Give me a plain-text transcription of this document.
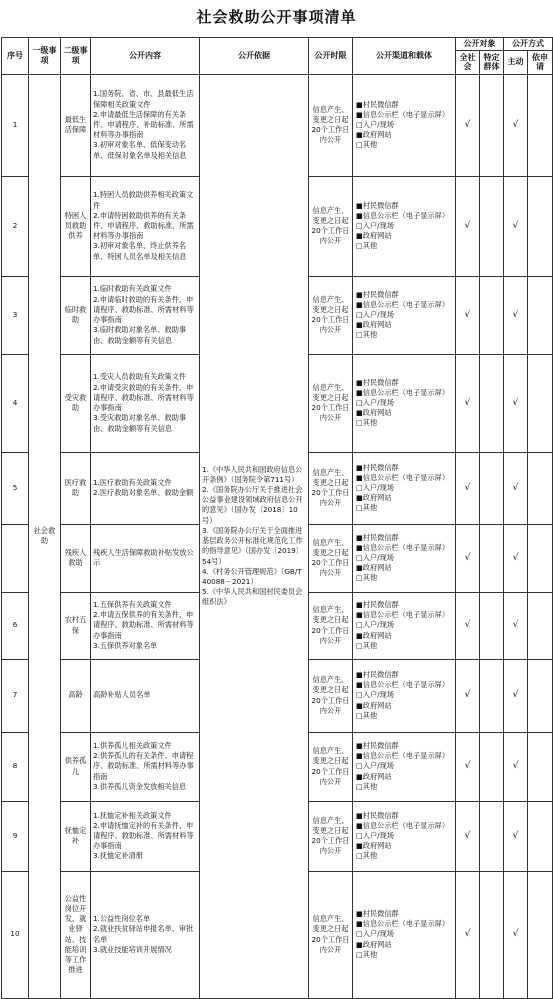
社会救助公开事项清单
序号	一级事项	二级事项	公开内容	公开依据	公开时限	公开渠道和载体	公开对象		公开方式	
							全社会	特定群体	主动	依申请
1	社会救助	最低生活保障	1.国务院、省、市、县最低生活保障相关政策文件
2.申请最低生活保障的有关条件、申请程序、补助标准、所需材料等办事指南
3.初审对象名单、低保变动名单、低保对象名单及相关信息	1.《中华人民共和国政府信息公开条例》（国务院令第711号）
2.《国务院办公厅关于推进社会公益事业建设领域政府信息公开的意见》（国办发〔2018〕10号）
3.《国务院办公厅关于全面推进基层政务公开标准化规范化工作的指导意见》（国办发〔2019〕54号）
4.《村务公开管理规范》（GB/T 40088－2021）
5.《中华人民共和国村民委员会组织法》	信息产生、变更之日起20个工作日内公开	■村民微信群
■信息公示栏（电子显示屏）
□入户/现场
■政府网站
□其他	√		√	
2		特困人员救助供养	1.特困人员救助供养相关政策文件
2.申请特困救助供养的有关条件、申请程序、救助标准、所需材料等办事指南
3.初审对象名单、终止供养名单、特困人员名单及相关信息		信息产生、变更之日起20个工作日内公开	■村民微信群
■信息公示栏（电子显示屏）
□入户/现场
■政府网站
□其他	√		√	
3		临时救助	1.临时救助有关政策文件
2.申请临时救助的有关条件、申请程序、救助标准、所需材料等办事指南
3.临时救助对象名单、救助事由、救助金额等有关信息		信息产生、变更之日起20个工作日内公开	■村民微信群
■信息公示栏（电子显示屏）
□入户/现场
■政府网站
□其他	√		√	
4		受灾救助	1.受灾人员救助有关政策文件
2.申请受灾救助的有关条件、申请程序、救助标准、所需材料等办事指南
3.受灾救助对象名单、救助事由、救助金额等有关信息		信息产生、变更之日起20个工作日内公开	■村民微信群
■信息公示栏（电子显示屏）
□入户/现场
■政府网站
□其他	√		√	
5		医疗救助	1.医疗救助有关政策文件
2.医疗救助对象名单、救助金额		信息产生、变更之日起20个工作日内公开	■村民微信群
■信息公示栏（电子显示屏）
□入户/现场
■政府网站
□其他	√		√	
		残疾人救助	残疾人生活保障救助补贴发放公示		信息产生、变更之日起20个工作日内公开	■村民微信群
■信息公示栏（电子显示屏）
□入户/现场
■政府网站
□其他	√		√	
6		农村五保	1.五保供养有关政策文件
2.申请五保供养的有关条件、申请程序、救助标准、所需材料等办事指南
3.五保供养对象名单		信息产生、变更之日起20个工作日内公开	■村民微信群
■信息公示栏（电子显示屏）
□入户/现场
■政府网站
□其他	√		√	
7		高龄	高龄补贴人员名单		信息产生、变更之日起20个工作日内公开	■村民微信群
■信息公示栏（电子显示屏）
□入户/现场
■政府网站
□其他	√		√	
8		供养孤儿	1.供养孤儿相关政策文件
2.供养孤儿的有关条件、申请程序、救助标准、所需材料等办事指南
3.供养孤儿资金发放相关信息		信息产生、变更之日起20个工作日内公开	■村民微信群
■信息公示栏（电子显示屏）
□入户/现场
■政府网站
□其他	√		√	
9		抚恤定补	1.抚恤定补相关政策文件
2.申请抚恤定补的有关条件、申请程序、救助标准、所需材料等办事指南
3.抚恤定补清册		信息产生、变更之日起20个工作日内公开	■村民微信群
■信息公示栏（电子显示屏）
□入户/现场
■政府网站
□其他	√		√	
10		公益性岗位开发、就业驿站、技能培训等工作推进	1.公益性岗位名单
2.就业扶贫驿站申报名单、审批名单
3.就业技能培训开展情况		信息产生、变更之日起20个工作日内公开	■村民微信群
■信息公示栏（电子显示屏）
□入户/现场
■政府网站
□其他	√		√	
